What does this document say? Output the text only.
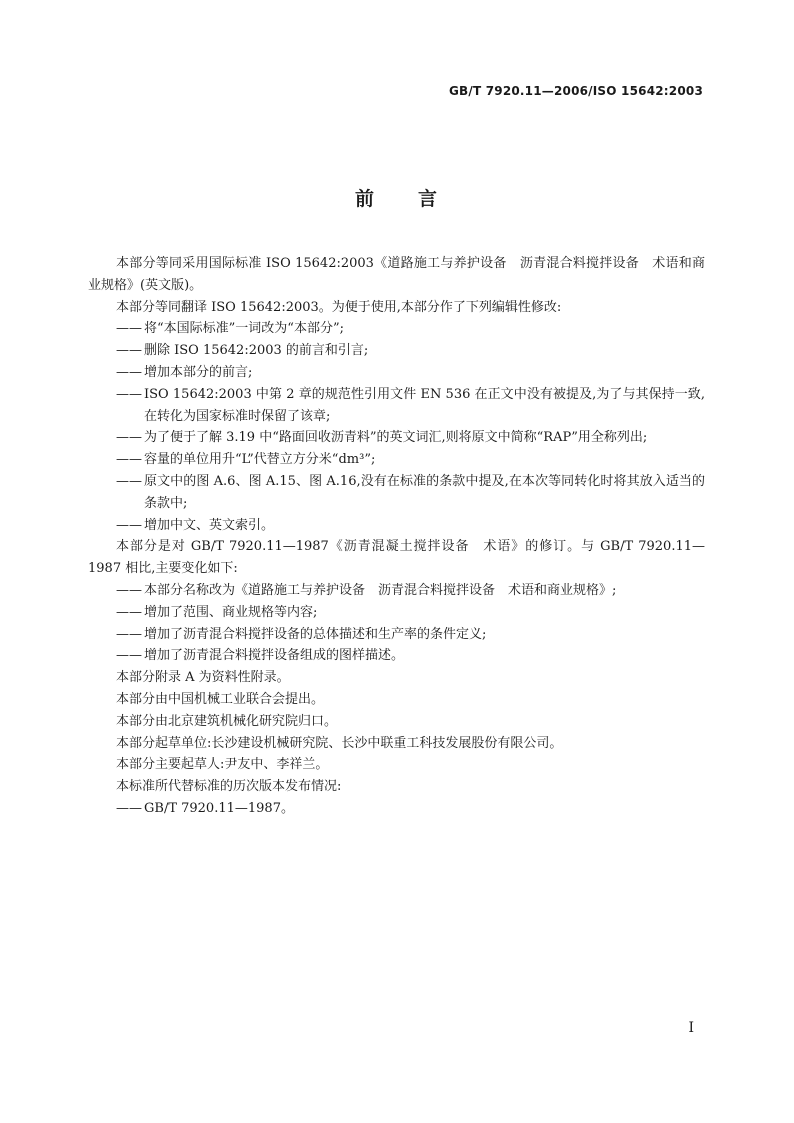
GB/T 7920.11—2006/ISO 15642:2003
前　　言
本部分等同采用国际标准 ISO 15642:2003《道路施工与养护设备　沥青混合料搅拌设备　术语和商业规格》(英文版)。
本部分等同翻译 ISO 15642:2003。为便于使用,本部分作了下列编辑性修改:
—— 将“本国际标准”一词改为“本部分”;
—— 删除 ISO 15642:2003 的前言和引言;
—— 增加本部分的前言;
—— ISO 15642:2003 中第 2 章的规范性引用文件 EN 536 在正文中没有被提及,为了与其保持一致,在转化为国家标准时保留了该章;
—— 为了便于了解 3.19 中“路面回收沥青料”的英文词汇,则将原文中简称“RAP”用全称列出;
—— 容量的单位用升“L”代替立方分米“dm³”;
—— 原文中的图 A.6、图 A.15、图 A.16,没有在标准的条款中提及,在本次等同转化时将其放入适当的条款中;
—— 增加中文、英文索引。
本部分是对 GB/T 7920.11—1987《沥青混凝土搅拌设备　术语》的修订。与 GB/T 7920.11—1987 相比,主要变化如下:
—— 本部分名称改为《道路施工与养护设备　沥青混合料搅拌设备　术语和商业规格》;
—— 增加了范围、商业规格等内容;
—— 增加了沥青混合料搅拌设备的总体描述和生产率的条件定义;
—— 增加了沥青混合料搅拌设备组成的图样描述。
本部分附录 A 为资料性附录。
本部分由中国机械工业联合会提出。
本部分由北京建筑机械化研究院归口。
本部分起草单位:长沙建设机械研究院、长沙中联重工科技发展股份有限公司。
本部分主要起草人:尹友中、李祥兰。
本标准所代替标准的历次版本发布情况:
—— GB/T 7920.11—1987。
I
